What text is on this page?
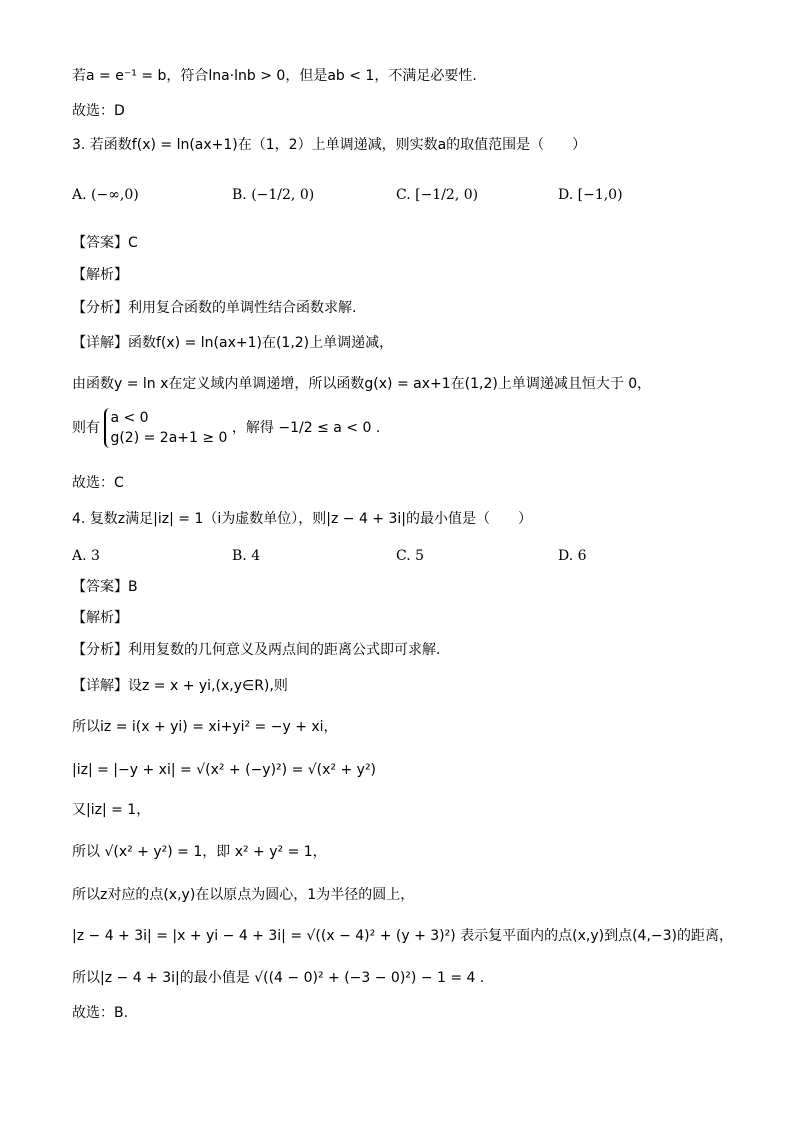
若a = e⁻¹ = b，符合lna·lnb > 0，但是ab < 1，不满足必要性.
故选：D
3. 若函数f(x) = ln(ax+1)在（1，2）上单调递减，则实数a的取值范围是（　　）
A. (−∞,0)	B. (−1/2, 0)	C. [−1/2, 0)	D. [−1,0)
【答案】C
【解析】
【分析】利用复合函数的单调性结合函数求解.
【详解】函数f(x) = ln(ax+1)在(1,2)上单调递减，
由函数y = ln x在定义域内单调递增，所以函数g(x) = ax+1在(1,2)上单调递减且恒大于 0，
则有
a < 0
g(2) = 2a+1 ≥ 0
，解得 −1/2 ≤ a < 0 .
故选：C
4. 复数z满足|iz| = 1（i为虚数单位），则|z − 4 + 3i|的最小值是（　　）
A. 3	B. 4	C. 5	D. 6
【答案】B
【解析】
【分析】利用复数的几何意义及两点间的距离公式即可求解.
【详解】设z = x + yi,(x,y∈R),则
所以iz = i(x + yi) = xi+yi² = −y + xi，
|iz| = |−y + xi| = √(x² + (−y)²) = √(x² + y²)
又|iz| = 1，
所以 √(x² + y²) = 1，即 x² + y² = 1，
所以z对应的点(x,y)在以原点为圆心，1为半径的圆上，
|z − 4 + 3i| = |x + yi − 4 + 3i| = √((x − 4)² + (y + 3)²) 表示复平面内的点(x,y)到点(4,−3)的距离，
所以|z − 4 + 3i|的最小值是 √((4 − 0)² + (−3 − 0)²) − 1 = 4 .
故选：B.
